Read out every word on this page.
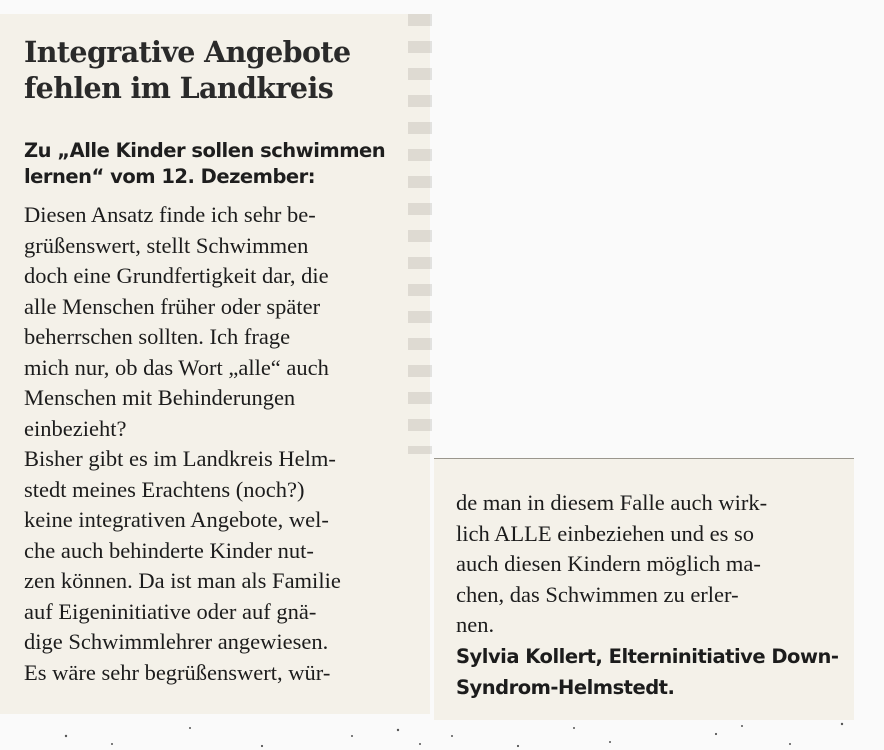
Integrative Angebote
fehlen im Landkreis
Zu „Alle Kinder sollen schwimmen
lernen“ vom 12. Dezember:
Diesen Ansatz finde ich sehr be-
grüßenswert, stellt Schwimmen
doch eine Grundfertigkeit dar, die
alle Menschen früher oder später
beherrschen sollten. Ich frage
mich nur, ob das Wort „alle“ auch
Menschen mit Behinderungen
einbezieht?
Bisher gibt es im Landkreis Helm-
stedt meines Erachtens (noch?)
keine integrativen Angebote, wel-
che auch behinderte Kinder nut-
zen können. Da ist man als Familie
auf Eigeninitiative oder auf gnä-
dige Schwimmlehrer angewiesen.
Es wäre sehr begrüßenswert, wür-
de man in diesem Falle auch wirk-
lich ALLE einbeziehen und es so
auch diesen Kindern möglich ma-
chen, das Schwimmen zu erler-
nen.
Sylvia Kollert, Elterninitiative Down-
Syndrom-Helmstedt.
